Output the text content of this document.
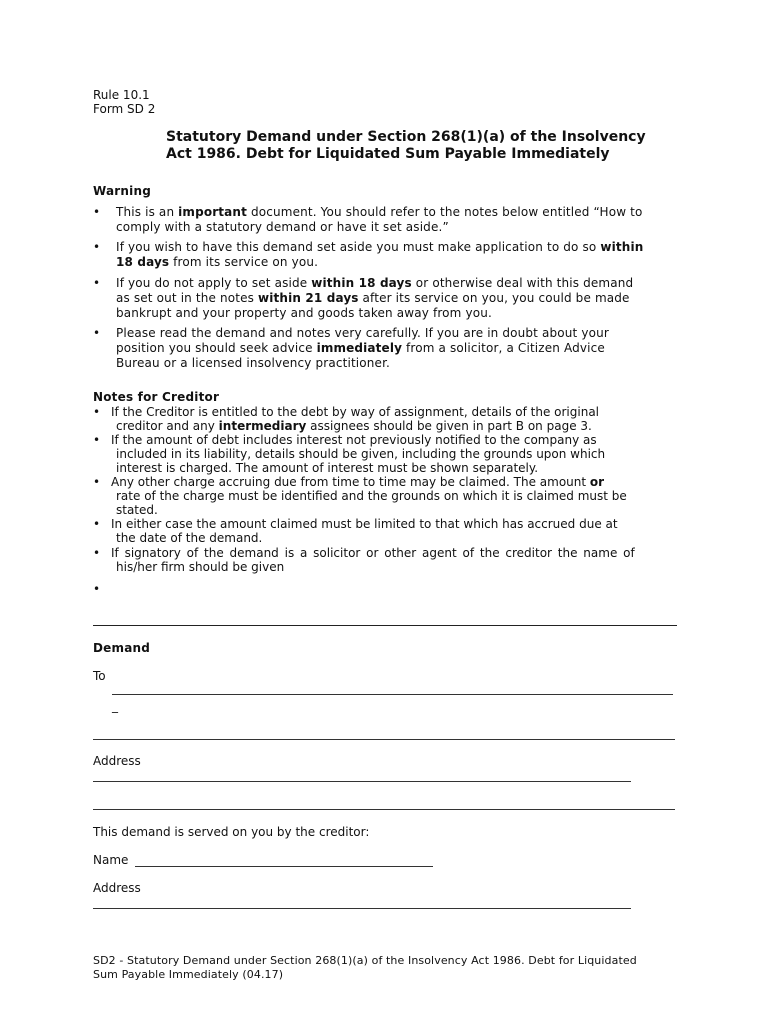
Rule 10.1
Form SD 2
Statutory Demand under Section 268(1)(a) of the Insolvency
Act 1986. Debt for Liquidated Sum Payable Immediately
Warning
• This is an important document. You should refer to the notes below entitled “How to
comply with a statutory demand or have it set aside.”
• If you wish to have this demand set aside you must make application to do so within
18 days from its service on you.
• If you do not apply to set aside within 18 days or otherwise deal with this demand
as set out in the notes within 21 days after its service on you, you could be made
bankrupt and your property and goods taken away from you.
• Please read the demand and notes very carefully. If you are in doubt about your
position you should seek advice immediately from a solicitor, a Citizen Advice
Bureau or a licensed insolvency practitioner.
Notes for Creditor
• If the Creditor is entitled to the debt by way of assignment, details of the original
creditor and any intermediary assignees should be given in part B on page 3.
• If the amount of debt includes interest not previously notified to the company as
included in its liability, details should be given, including the grounds upon which
interest is charged. The amount of interest must be shown separately.
• Any other charge accruing due from time to time may be claimed. The amount or
rate of the charge must be identified and the grounds on which it is claimed must be
stated.
• In either case the amount claimed must be limited to that which has accrued due at
the date of the demand.
• If signatory of the demand is a solicitor or other agent of the creditor the name of
his/her firm should be given
•
Demand
To
_
Address
This demand is served on you by the creditor:
Name
Address
SD2 - Statutory Demand under Section 268(1)(a) of the Insolvency Act 1986. Debt for Liquidated
Sum Payable Immediately (04.17)
